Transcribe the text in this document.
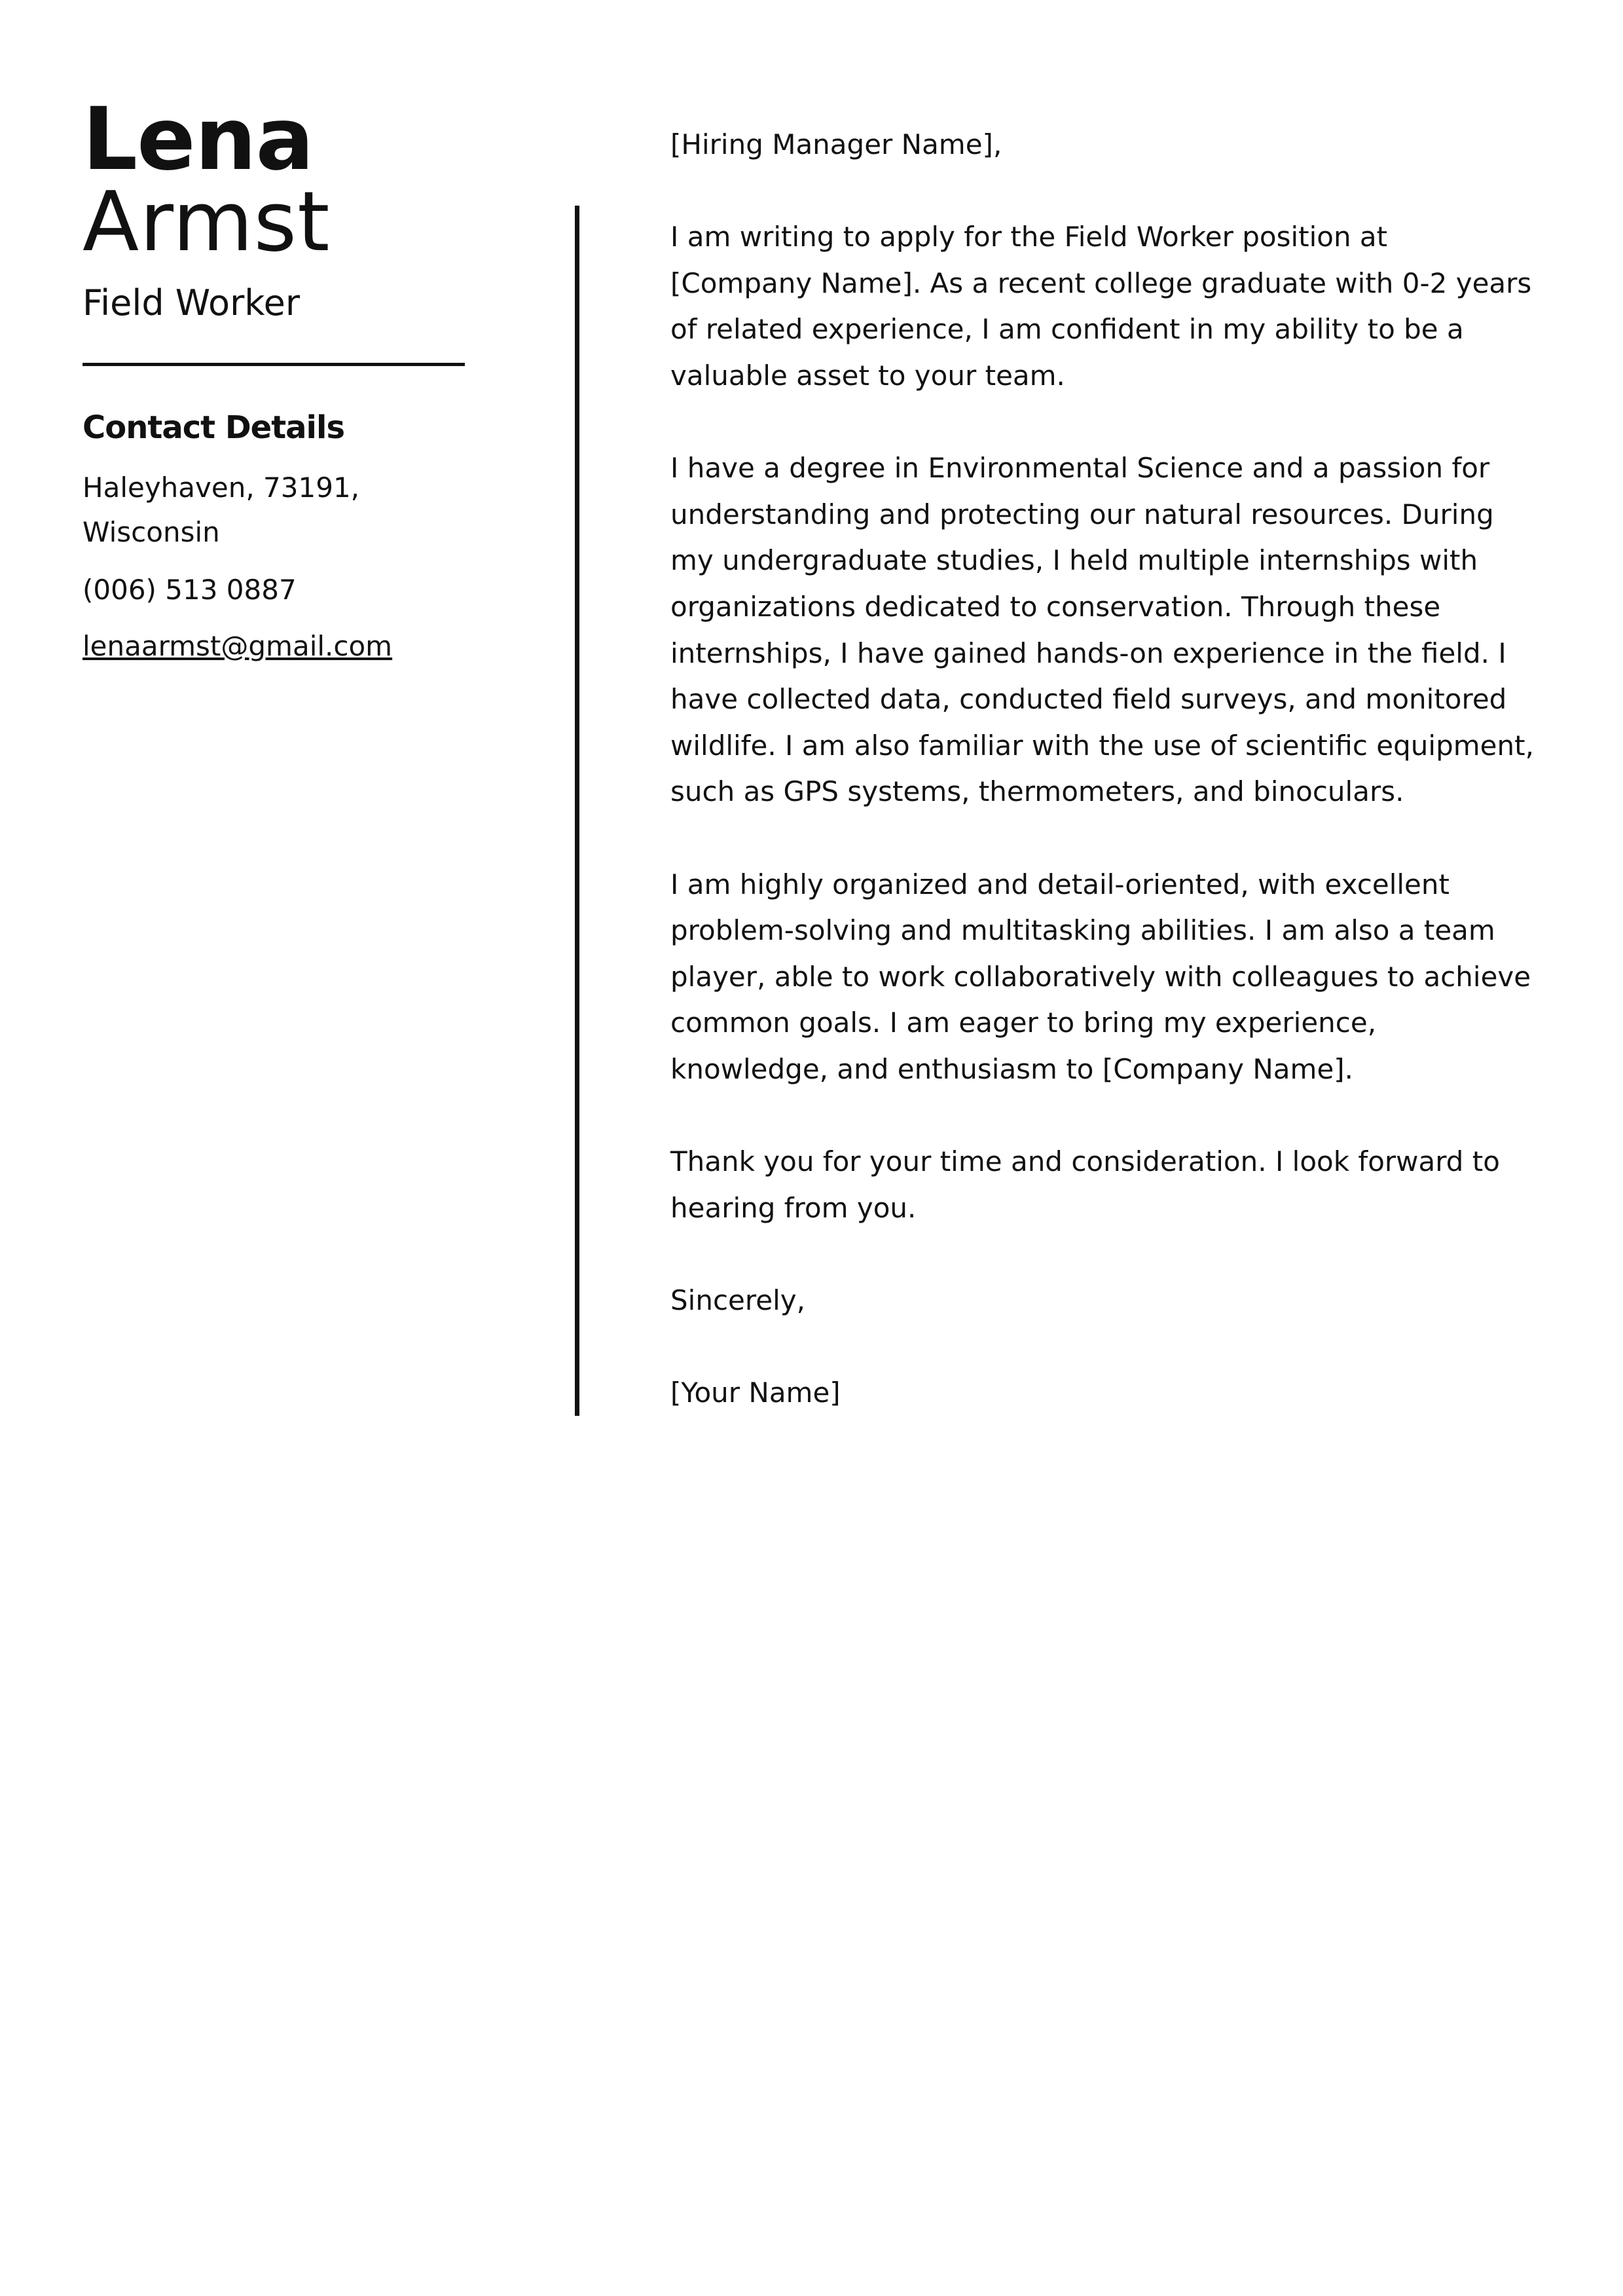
Lena
Armst
Field Worker
Contact Details
Haleyhaven, 73191,
Wisconsin
(006) 513 0887
lenaarmst@gmail.com

[Hiring Manager Name],

I am writing to apply for the Field Worker position at [Company Name]. As a recent college graduate with 0-2 years of related experience, I am confident in my ability to be a valuable asset to your team.

I have a degree in Environmental Science and a passion for understanding and protecting our natural resources. During my undergraduate studies, I held multiple internships with organizations dedicated to conservation. Through these internships, I have gained hands-on experience in the field. I have collected data, conducted field surveys, and monitored wildlife. I am also familiar with the use of scientific equipment, such as GPS systems, thermometers, and binoculars.

I am highly organized and detail-oriented, with excellent problem-solving and multitasking abilities. I am also a team player, able to work collaboratively with colleagues to achieve common goals. I am eager to bring my experience, knowledge, and enthusiasm to [Company Name].

Thank you for your time and consideration. I look forward to hearing from you.

Sincerely,

[Your Name]
